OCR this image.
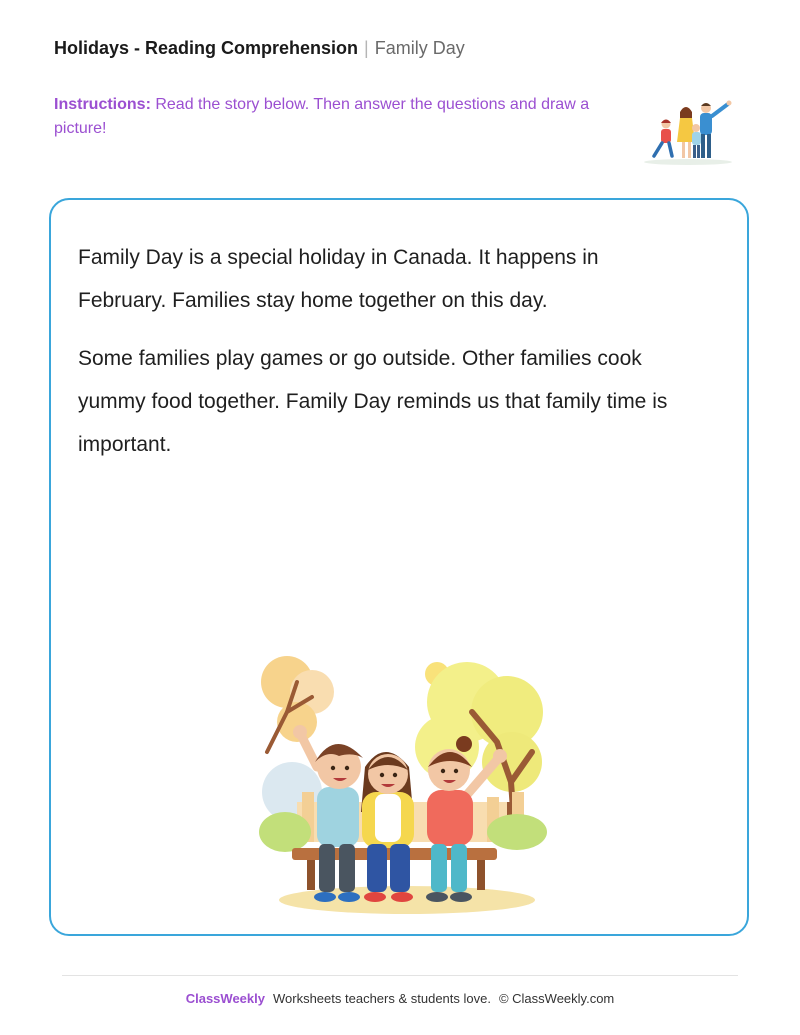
Holidays - Reading Comprehension | Family Day
Instructions: Read the story below. Then answer the questions and draw a picture!

Family Day is a special holiday in Canada. It happens in February. Families stay home together on this day.

Some families play games or go outside. Other families cook yummy food together. Family Day reminds us that family time is important.

ClassWeekly Worksheets teachers & students love. © ClassWeekly.com
